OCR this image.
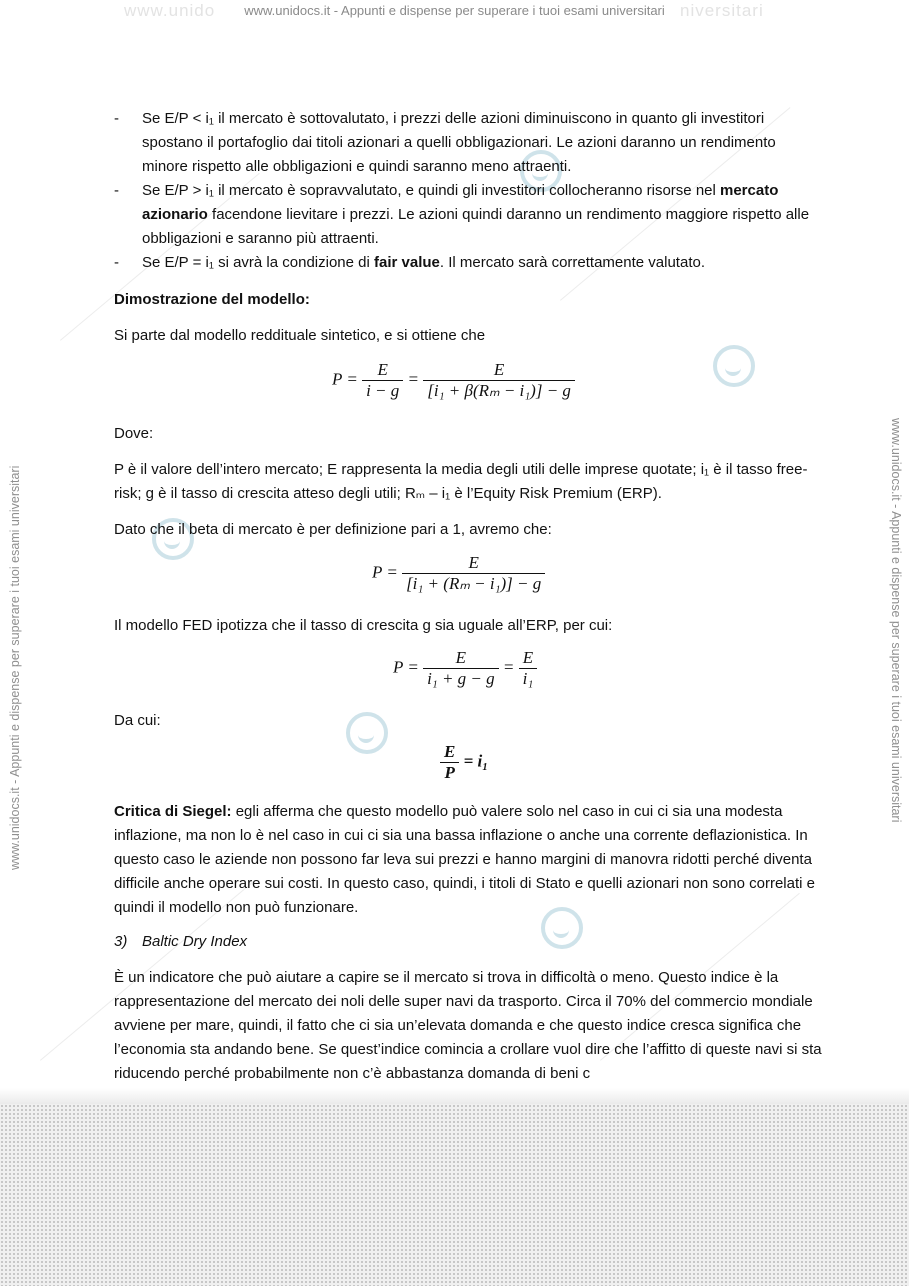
www.unido	niversitari
www.unidocs.it - Appunti e dispense per superare i tuoi esami universitari
www.unidocs.it - Appunti e dispense per superare i tuoi esami universitari	www.unidocs.it - Appunti e dispense per superare i tuoi esami universitari
- Se E/P < i₁ il mercato è sottovalutato, i prezzi delle azioni diminuiscono in quanto gli investitori spostano il portafoglio dai titoli azionari a quelli obbligazionari. Le azioni daranno un rendimento minore rispetto alle obbligazioni e quindi saranno meno attraenti.
- Se E/P > i₁ il mercato è sopravvalutato, e quindi gli investitori collocheranno risorse nel mercato azionario facendone lievitare i prezzi. Le azioni quindi daranno un rendimento maggiore rispetto alle obbligazioni e saranno più attraenti.
- Se E/P = i₁ si avrà la condizione di fair value. Il mercato sarà correttamente valutato.

Dimostrazione del modello:

Si parte dal modello reddituale sintetico, e si ottiene che

$P = \frac{E}{i - g} = \frac{E}{\text{[i₁ + β(Rₘ − i₁)] − g}}$

Dove:

P è il valore dell’intero mercato; E rappresenta la media degli utili delle imprese quotate; i₁ è il tasso free-risk; g è il tasso di crescita atteso degli utili; Rₘ – i₁ è l’Equity Risk Premium (ERP).

Dato che il beta di mercato è per definizione pari a 1, avremo che:

$P = \frac{E}{\text{[i₁ + (Rₘ − i₁)] − g}}$

Il modello FED ipotizza che il tasso di crescita g sia uguale all’ERP, per cui:

$P = \frac{E}{\text{i₁ + g − g}} = \frac{E}{\text{i₁}}$

Da cui:

$\frac{E}{P} = i_1$

Critica di Siegel: egli afferma che questo modello può valere solo nel caso in cui ci sia una modesta inflazione, ma non lo è nel caso in cui ci sia una bassa inflazione o anche una corrente deflazionistica. In questo caso le aziende non possono far leva sui prezzi e hanno margini di manovra ridotti perché diventa difficile anche operare sui costi. In questo caso, quindi, i titoli di Stato e quelli azionari non sono correlati e quindi il modello non può funzionare.

3) Baltic Dry Index

È un indicatore che può aiutare a capire se il mercato si trova in difficoltà o meno. Questo indice è la rappresentazione del mercato dei noli delle super navi da trasporto. Circa il 70% del commercio mondiale avviene per mare, quindi, il fatto che ci sia un’elevata domanda e che questo indice cresca significa che l’economia sta andando bene. Se quest’indice comincia a crollare vuol dire che l’affitto di queste navi si sta riducendo perché probabilmente non c’è abbastanza domanda di beni c
